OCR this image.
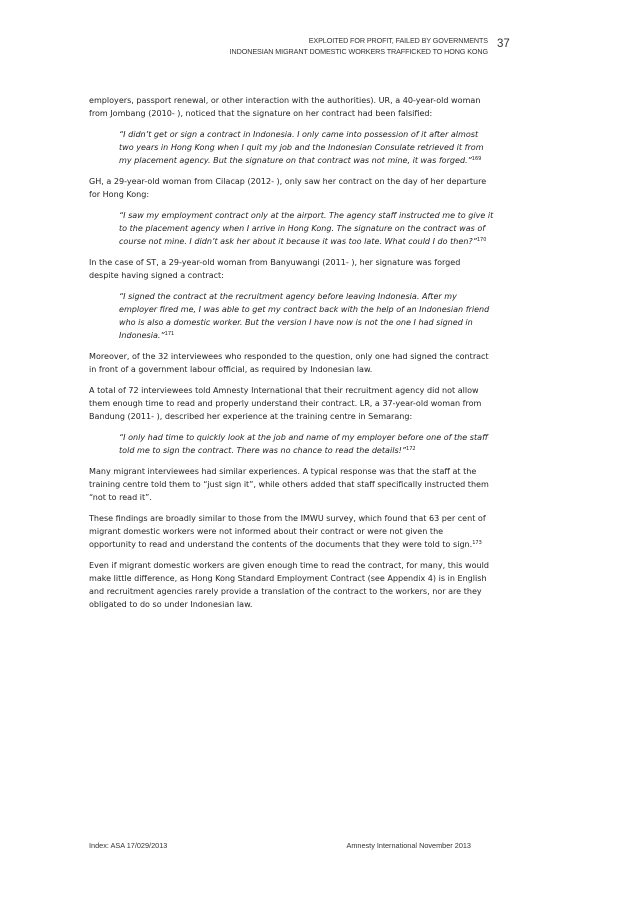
EXPLOITED FOR PROFIT, FAILED BY GOVERNMENTS
INDONESIAN MIGRANT DOMESTIC WORKERS TRAFFICKED TO HONG KONG
37

employers, passport renewal, or other interaction with the authorities). UR, a 40-year-old woman from Jombang (2010- ), noticed that the signature on her contract had been falsified:

“I didn’t get or sign a contract in Indonesia. I only came into possession of it after almost two years in Hong Kong when I quit my job and the Indonesian Consulate retrieved it from my placement agency. But the signature on that contract was not mine, it was forged.”$^{169}$

GH, a 29-year-old woman from Cilacap (2012- ), only saw her contract on the day of her departure for Hong Kong:

“I saw my employment contract only at the airport. The agency staff instructed me to give it to the placement agency when I arrive in Hong Kong. The signature on the contract was of course not mine. I didn’t ask her about it because it was too late. What could I do then?”$^{170}$

In the case of ST, a 29-year-old woman from Banyuwangi (2011- ), her signature was forged despite having signed a contract:

“I signed the contract at the recruitment agency before leaving Indonesia. After my employer fired me, I was able to get my contract back with the help of an Indonesian friend who is also a domestic worker. But the version I have now is not the one I had signed in Indonesia.”$^{171}$

Moreover, of the 32 interviewees who responded to the question, only one had signed the contract in front of a government labour official, as required by Indonesian law.

A total of 72 interviewees told Amnesty International that their recruitment agency did not allow them enough time to read and properly understand their contract. LR, a 37-year-old woman from Bandung (2011- ), described her experience at the training centre in Semarang:

“I only had time to quickly look at the job and name of my employer before one of the staff told me to sign the contract. There was no chance to read the details!”$^{172}$

Many migrant interviewees had similar experiences. A typical response was that the staff at the training centre told them to “just sign it”, while others added that staff specifically instructed them “not to read it”.

These findings are broadly similar to those from the IMWU survey, which found that 63 per cent of migrant domestic workers were not informed about their contract or were not given the opportunity to read and understand the contents of the documents that they were told to sign.$^{173}$

Even if migrant domestic workers are given enough time to read the contract, for many, this would make little difference, as Hong Kong Standard Employment Contract (see Appendix 4) is in English and recruitment agencies rarely provide a translation of the contract to the workers, nor are they obligated to do so under Indonesian law.

Index: ASA 17/029/2013	Amnesty International November 2013
